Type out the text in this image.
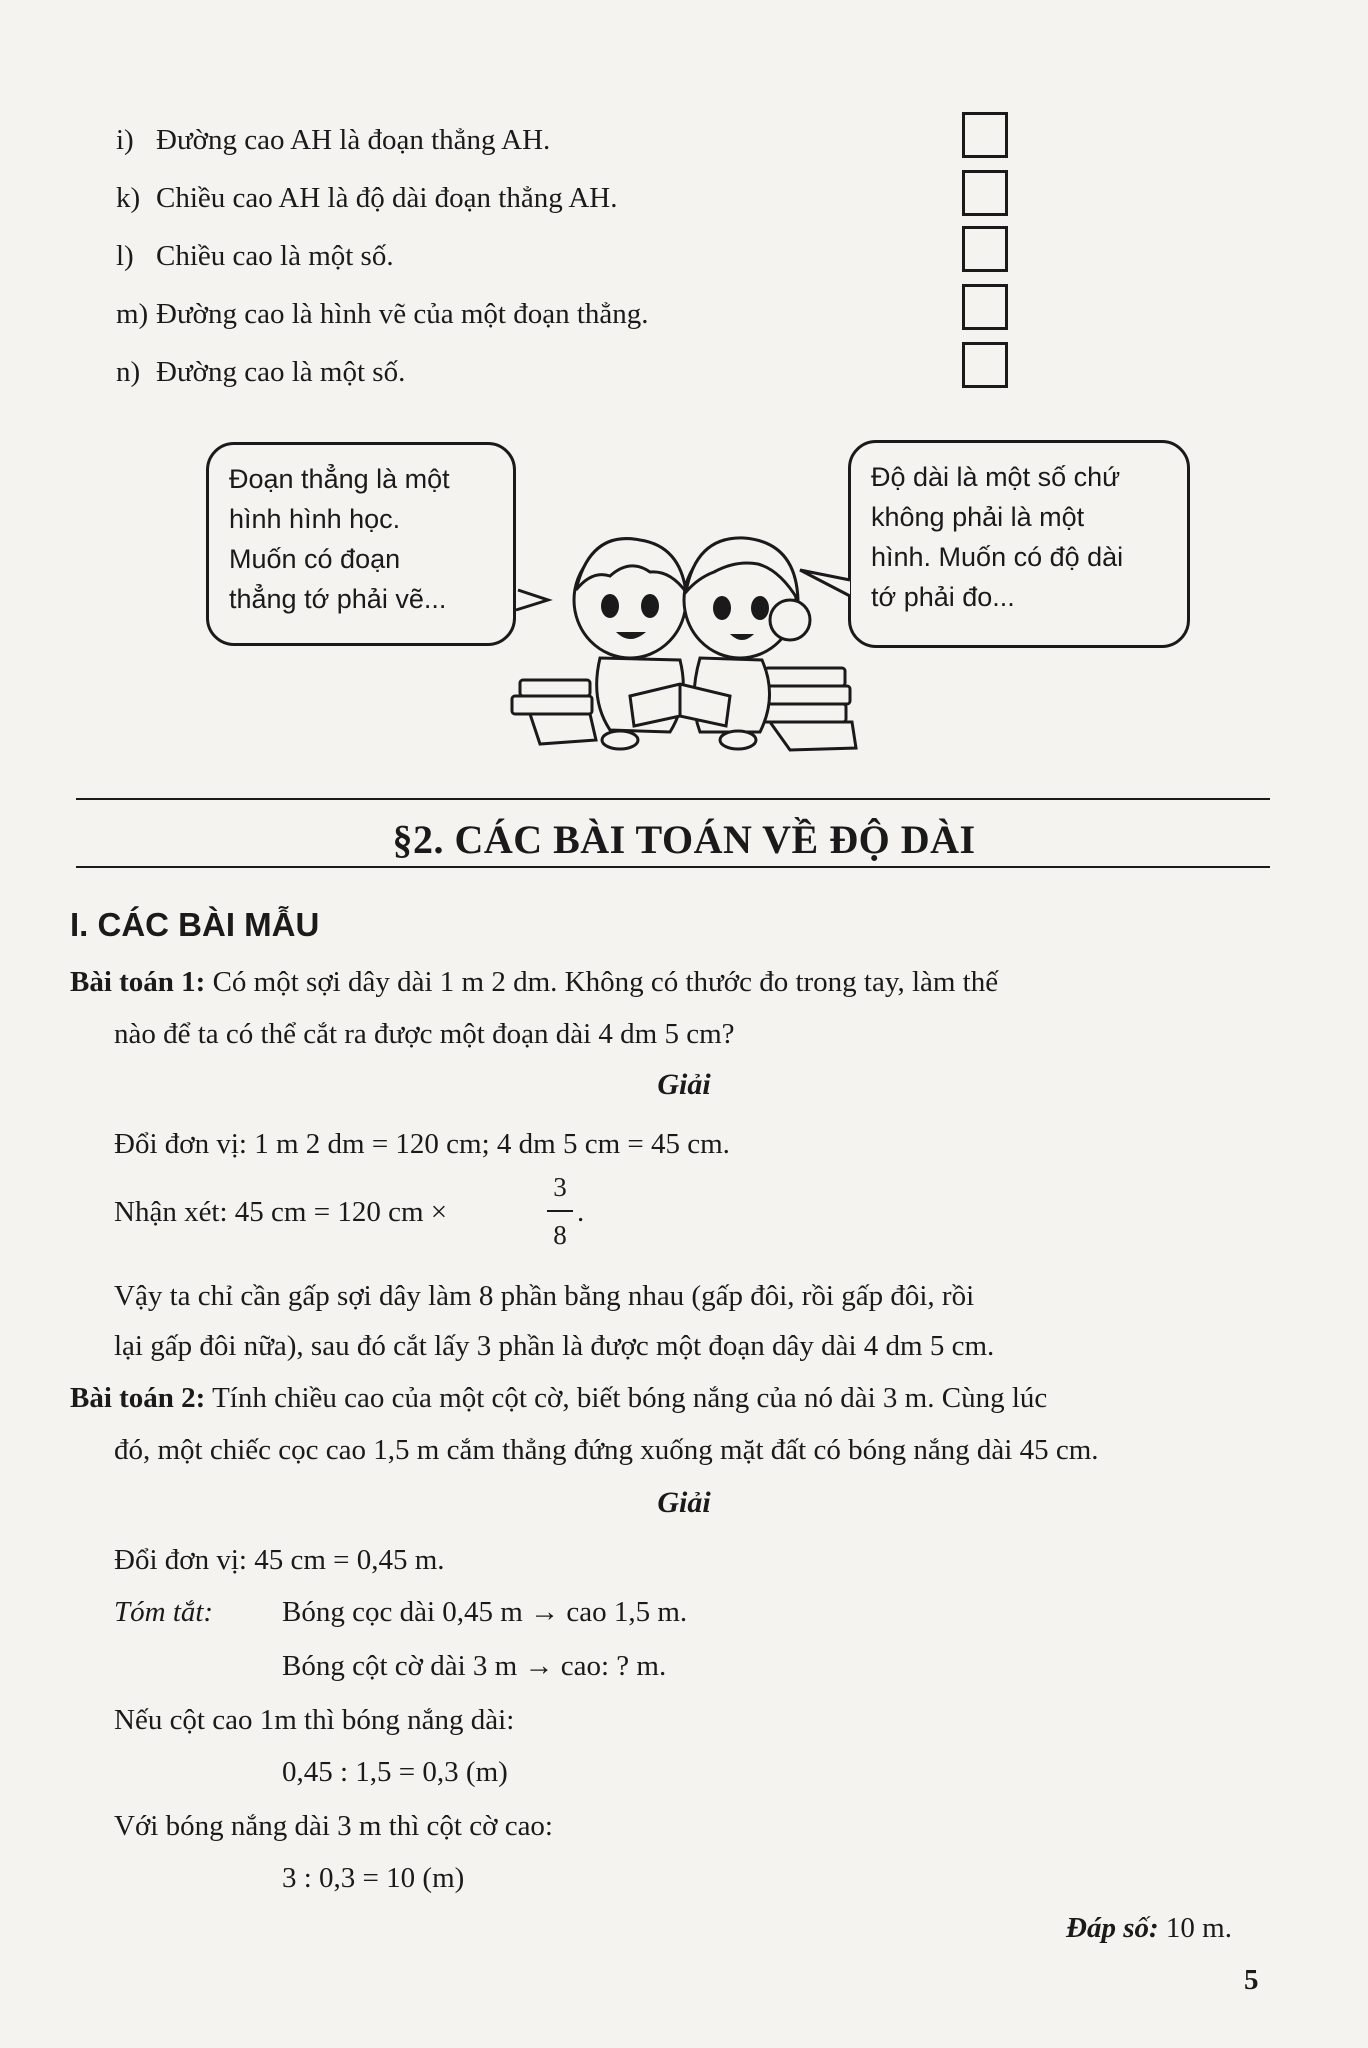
i) Đường cao AH là đoạn thẳng AH.
k) Chiều cao AH là độ dài đoạn thẳng AH.
l) Chiều cao là một số.
m) Đường cao là hình vẽ của một đoạn thẳng.
n) Đường cao là một số.

Đoạn thẳng là một

hình hình học.

Muốn có đoạn

thẳng tớ phải vẽ...

Độ dài là một số chứ

không phải là một

hình. Muốn có độ dài

tớ phải đo...

§2. CÁC BÀI TOÁN VỀ ĐỘ DÀI
I. CÁC BÀI MẪU
Bài toán 1: Có một sợi dây dài 1 m 2 dm. Không có thước đo trong tay, làm thế
nào để ta có thể cắt ra được một đoạn dài 4 dm 5 cm?
Giải
Đổi đơn vị: 1 m 2 dm = 120 cm; 4 dm 5 cm = 45 cm.
Nhận xét: 45 cm = 120 cm ×
3
8
.
Vậy ta chỉ cần gấp sợi dây làm 8 phần bằng nhau (gấp đôi, rồi gấp đôi, rồi
lại gấp đôi nữa), sau đó cắt lấy 3 phần là được một đoạn dây dài 4 dm 5 cm.
Bài toán 2: Tính chiều cao của một cột cờ, biết bóng nắng của nó dài 3 m. Cùng lúc
đó, một chiếc cọc cao 1,5 m cắm thẳng đứng xuống mặt đất có bóng nắng dài 45 cm.
Giải
Đổi đơn vị: 45 cm = 0,45 m.
Tóm tắt: Bóng cọc dài 0,45 m → cao 1,5 m.
Bóng cột cờ dài 3 m → cao: ? m.
Nếu cột cao 1m thì bóng nắng dài:
0,45 : 1,5 = 0,3 (m)
Với bóng nắng dài 3 m thì cột cờ cao:
3 : 0,3 = 10 (m)
Đáp số: 10 m.
5
